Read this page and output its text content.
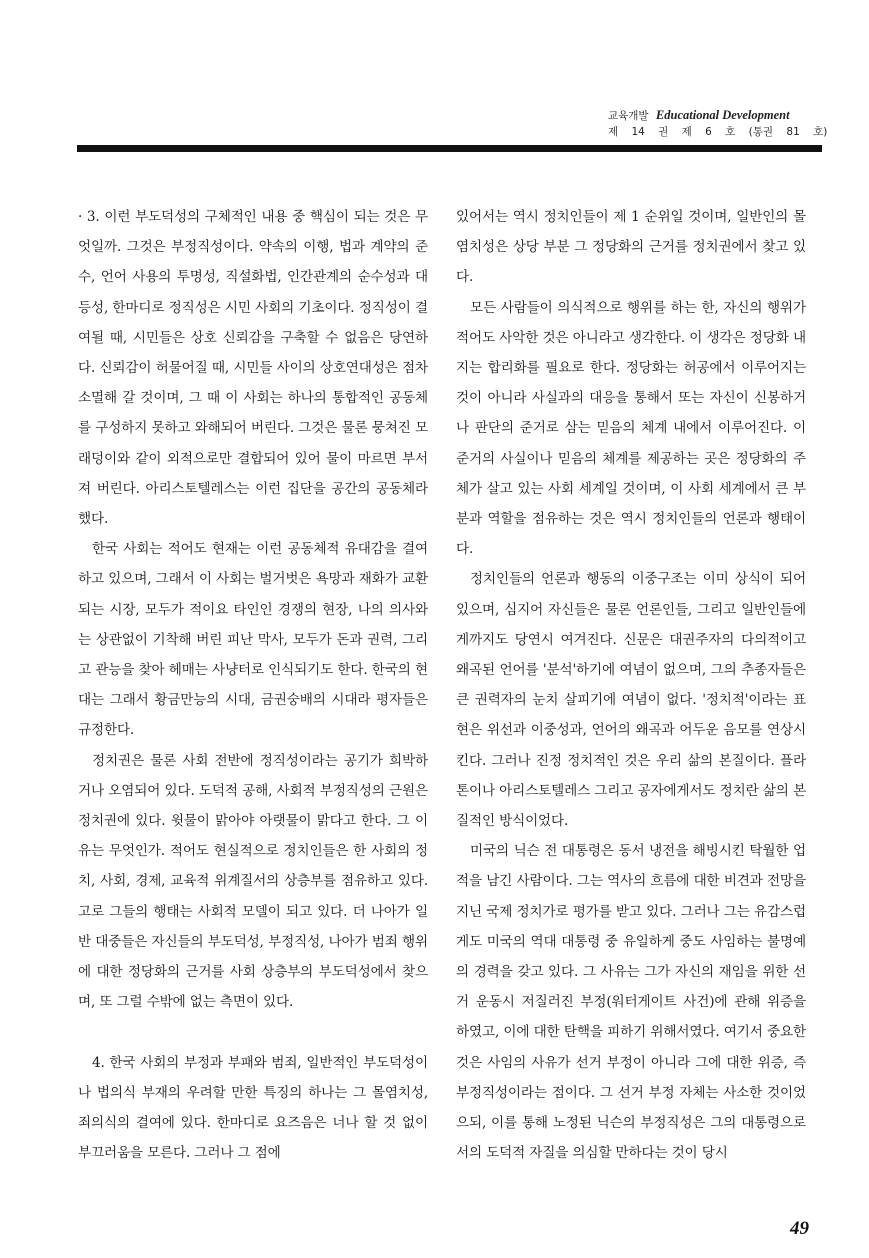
교육개발 Educational Development
제 14 권 제 6 호 (통권 81 호)

· 3. 이런 부도덕성의 구체적인 내용 중 핵심이 되는 것은 무엇일까. 그것은 부정직성이다. 약속의 이행, 법과 계약의 준수, 언어 사용의 투명성, 직설화법, 인간관계의 순수성과 대등성, 한마디로 정직성은 시민 사회의 기초이다. 정직성이 결여될 때, 시민들은 상호 신뢰감을 구축할 수 없음은 당연하다. 신뢰감이 허물어질 때, 시민들 사이의 상호연대성은 점차 소멸해 갈 것이며, 그 때 이 사회는 하나의 통합적인 공동체를 구성하지 못하고 와해되어 버린다. 그것은 물론 뭉쳐진 모래덩이와 같이 외적으로만 결합되어 있어 물이 마르면 부서져 버린다. 아리스토텔레스는 이런 집단을 공간의 공동체라 했다.

한국 사회는 적어도 현재는 이런 공동체적 유대감을 결여하고 있으며, 그래서 이 사회는 벌거벗은 욕망과 재화가 교환되는 시장, 모두가 적이요 타인인 경쟁의 현장, 나의 의사와는 상관없이 기착해 버린 피난 막사, 모두가 돈과 권력, 그리고 관능을 찾아 헤매는 사냥터로 인식되기도 한다. 한국의 현대는 그래서 황금만능의 시대, 금권숭배의 시대라 평자들은 규정한다.

정치권은 물론 사회 전반에 정직성이라는 공기가 희박하거나 오염되어 있다. 도덕적 공해, 사회적 부정직성의 근원은 정치권에 있다. 윗물이 맑아야 아랫물이 맑다고 한다. 그 이유는 무엇인가. 적어도 현실적으로 정치인들은 한 사회의 정치, 사회, 경제, 교육적 위계질서의 상층부를 점유하고 있다. 고로 그들의 행태는 사회적 모델이 되고 있다. 더 나아가 일반 대중들은 자신들의 부도덕성, 부정직성, 나아가 범죄 행위에 대한 정당화의 근거를 사회 상층부의 부도덕성에서 찾으며, 또 그럴 수밖에 없는 측면이 있다.

4. 한국 사회의 부정과 부패와 범죄, 일반적인 부도덕성이나 법의식 부재의 우려할 만한 특징의 하나는 그 몰염치성, 죄의식의 결여에 있다. 한마디로 요즈음은 너나 할 것 없이 부끄러움을 모른다. 그러나 그 점에

있어서는 역시 정치인들이 제 1 순위일 것이며, 일반인의 몰염치성은 상당 부분 그 정당화의 근거를 정치권에서 찾고 있다.

모든 사람들이 의식적으로 행위를 하는 한, 자신의 행위가 적어도 사악한 것은 아니라고 생각한다. 이 생각은 정당화 내지는 합리화를 필요로 한다. 정당화는 허공에서 이루어지는 것이 아니라 사실과의 대응을 통해서 또는 자신이 신봉하거나 판단의 준거로 삼는 믿음의 체계 내에서 이루어진다. 이 준거의 사실이나 믿음의 체계를 제공하는 곳은 정당화의 주체가 살고 있는 사회 세계일 것이며, 이 사회 세계에서 큰 부분과 역할을 점유하는 것은 역시 정치인들의 언론과 행태이다.

정치인들의 언론과 행동의 이중구조는 이미 상식이 되어 있으며, 심지어 자신들은 물론 언론인들, 그리고 일반인들에게까지도 당연시 여겨진다. 신문은 대권주자의 다의적이고 왜곡된 언어를 '분석'하기에 여념이 없으며, 그의 추종자들은 큰 권력자의 눈치 살피기에 여념이 없다. '정치적'이라는 표현은 위선과 이중성과, 언어의 왜곡과 어두운 음모를 연상시킨다. 그러나 진정 정치적인 것은 우리 삶의 본질이다. 플라톤이나 아리스토텔레스 그리고 공자에게서도 정치란 삶의 본질적인 방식이었다.

미국의 닉슨 전 대통령은 동서 냉전을 해빙시킨 탁월한 업적을 남긴 사람이다. 그는 역사의 흐름에 대한 비견과 전망을 지닌 국제 정치가로 평가를 받고 있다. 그러나 그는 유감스럽게도 미국의 역대 대통령 중 유일하게 중도 사임하는 불명예의 경력을 갖고 있다. 그 사유는 그가 자신의 재임을 위한 선거 운동시 저질러진 부정(워터게이트 사건)에 관해 위증을 하였고, 이에 대한 탄핵을 피하기 위해서였다. 여기서 중요한 것은 사임의 사유가 선거 부정이 아니라 그에 대한 위증, 즉 부정직성이라는 점이다. 그 선거 부정 자체는 사소한 것이었으되, 이를 통해 노정된 닉슨의 부정직성은 그의 대통령으로서의 도덕적 자질을 의심할 만하다는 것이 당시

49
